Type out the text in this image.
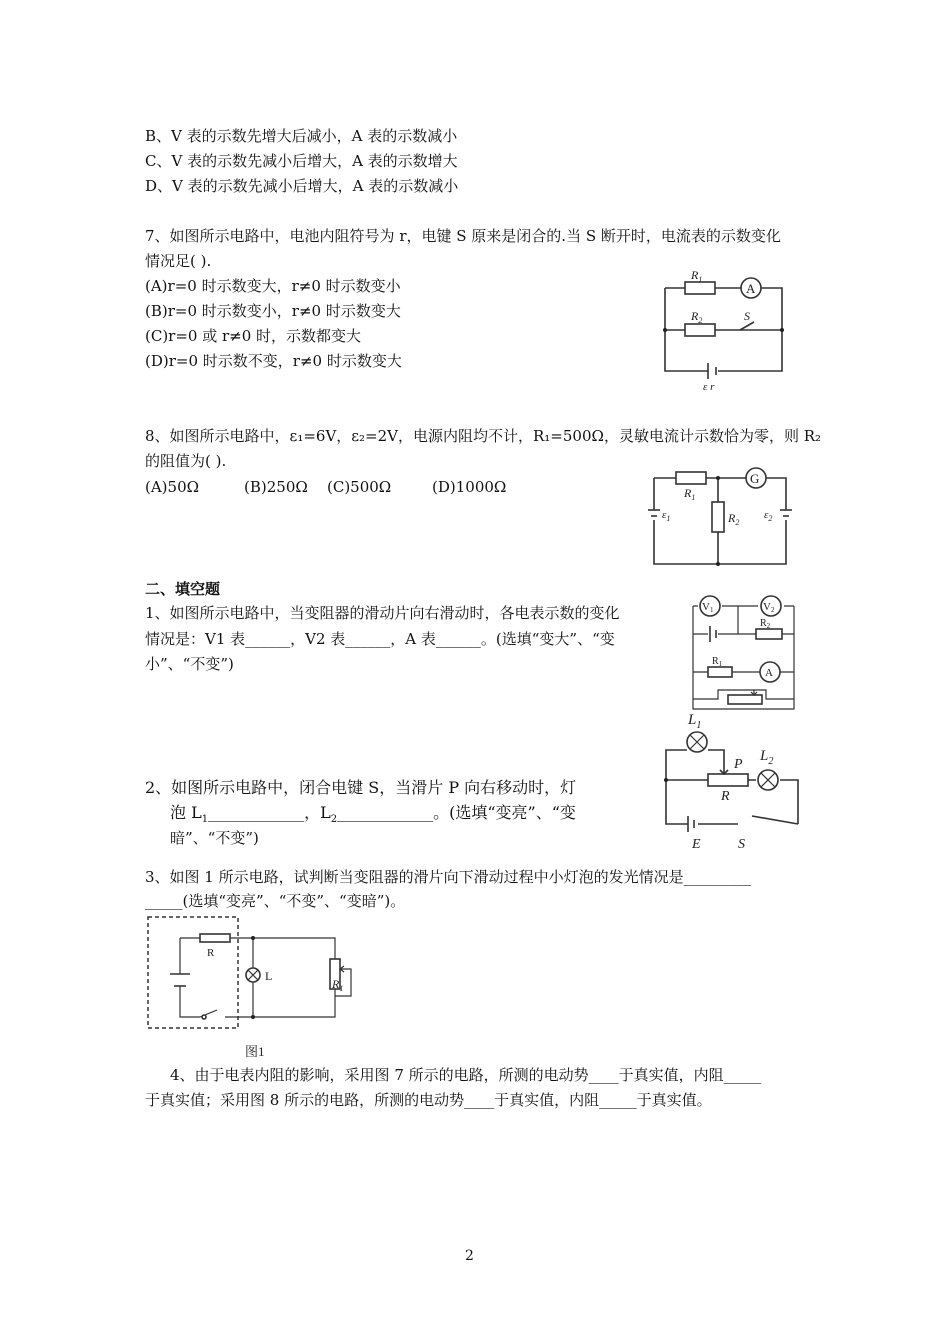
B、V 表的示数先增大后减小，A 表的示数减小
C、V 表的示数先减小后增大，A 表的示数增大
D、V 表的示数先减小后增大，A 表的示数减小
7、如图所示电路中，电池内阻符号为 r，电键 S 原来是闭合的.当 S 断开时，电流表的示数变化
情况足( ).
(A)r=0 时示数变大，r≠0 时示数变小
(B)r=0 时示数变小，r≠0 时示数变大
(C)r=0 或 r≠0 时，示数都变大
(D)r=0 时示数不变，r≠0 时示数变大
A
$R_1$
$R_2$	S
ε r
8、如图所示电路中，ε₁=6V，ε₂=2V，电源内阻均不计，R₁=500Ω，灵敏电流计示数恰为零，则 R₂
的阻值为( ).
(A)50Ω	(B)250Ω (C)500Ω	(D)1000Ω	$R_1$
G
$R_2$
$\varepsilon_1$	$\varepsilon_2$
二、填空题
1、如图所示电路中，当变阻器的滑动片向右滑动时，各电表示数的变化
情况是：V1 表______，V2 表______，A 表______。(选填“变大”、“变
小”、“不变”)
V1	V2
$R_2$
$R_1$
A
$L_1$
P
R
$L_2$
E	S
2、如图所示电路中，闭合电键 S，当滑片 P 向右移动时，灯
泡 $L_1\_\_\_\_\_\_\_\_\_\_\_\_$，$L_2\_\_\_\_\_\_\_\_\_\_\_\_$。(选填“变亮”、“变
暗”、“不变”)
3、如图 1 所示电路，试判断当变阻器的滑片向下滑动过程中小灯泡的发光情况是_________
_____(选填“变亮”、“不变”、“变暗”)。
R
L
$R_1$
图1
4、由于电表内阻的影响，采用图 7 所示的电路，所测的电动势____于真实值，内阻_____
于真实值；采用图 8 所示的电路，所测的电动势____于真实值，内阻_____于真实值。
2
